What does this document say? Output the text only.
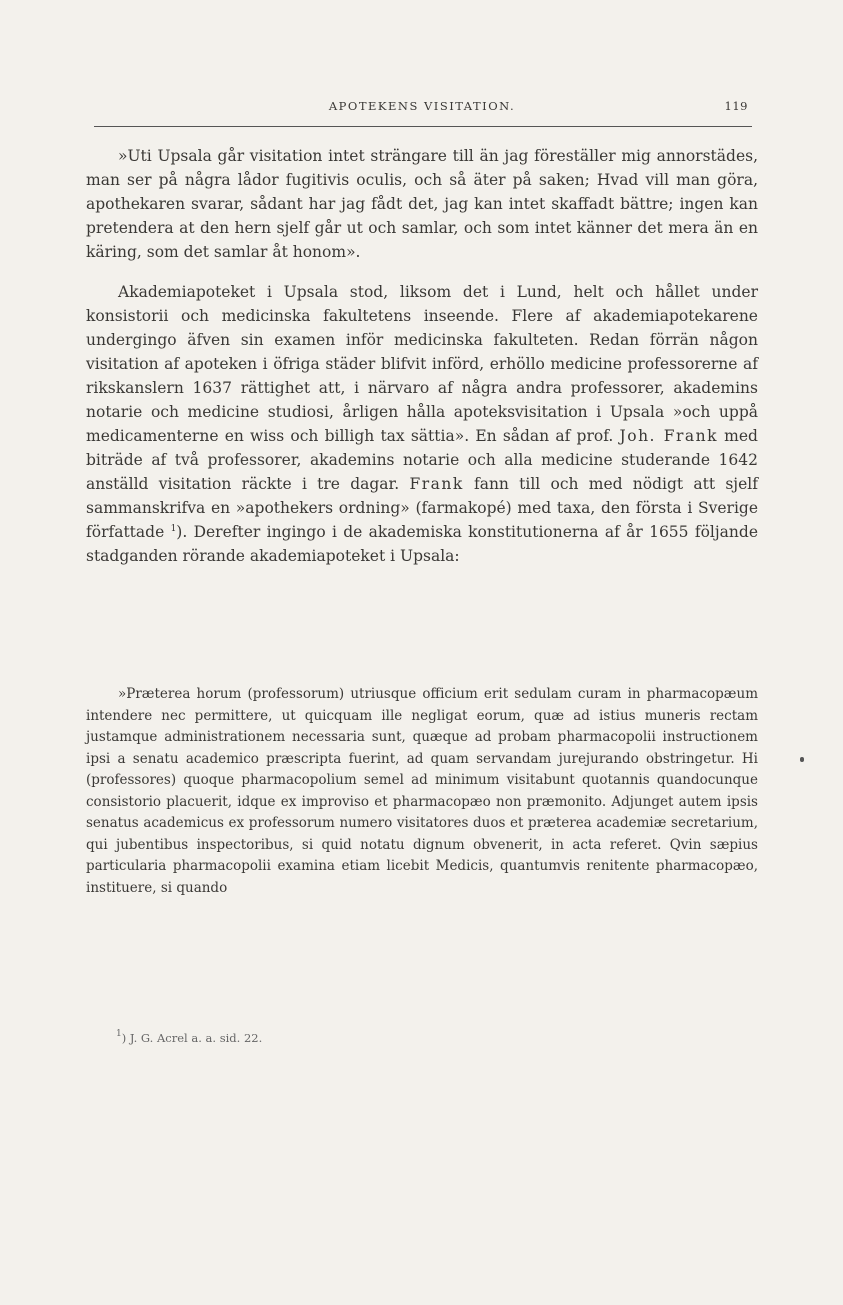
APOTEKENS VISITATION.	119

»Uti Upsala går visitation intet strängare till än jag föreställer mig annorstädes, man ser på några lådor fugitivis oculis, och så äter på saken; Hvad vill man göra, apothekaren svarar, sådant har jag fådt det, jag kan intet skaffadt bättre; ingen kan pretendera at den hern sjelf går ut och samlar, och som intet känner det mera än en käring, som det samlar åt honom».

Akademiapoteket i Upsala stod, liksom det i Lund, helt och hållet under konsistorii och medicinska fakultetens inseende. Flere af akademiapotekarene undergingo äfven sin examen inför medicinska fakulteten. Redan förrän någon visitation af apoteken i öfriga städer blifvit införd, erhöllo medicine professorerne af rikskanslern 1637 rättighet att, i närvaro af några andra professorer, akademins notarie och medicine studiosi, årligen hålla apoteksvisitation i Upsala »och uppå medicamenterne en wiss och billigh tax sättia». En sådan af prof. Joh. Frank med biträde af två professorer, akademins notarie och alla medicine studerande 1642 anställd visitation räckte i tre dagar. Frank fann till och med nödigt att sjelf sammanskrifva en »apothekers ordning» (farmakopé) med taxa, den första i Sverige författade $^1$). Derefter ingingo i de akademiska konstitutionerna af år 1655 följande stadganden rörande akademiapoteket i Upsala:

»Præterea horum (professorum) utriusque officium erit sedulam curam in pharmacopæum intendere nec permittere, ut quicquam ille negligat eorum, quæ ad istius muneris rectam justamque administrationem necessaria sunt, quæque ad probam pharmacopolii instructionem ipsi a senatu academico præscripta fuerint, ad quam servandam jurejurando obstringetur. Hi (professores) quoque pharmacopolium semel ad minimum visitabunt quotannis quandocunque consistorio placuerit, idque ex improviso et pharmacopæo non præmonito. Adjunget autem ipsis senatus academicus ex professorum numero visitatores duos et præterea academiæ secretarium, qui jubentibus inspectoribus, si quid notatu dignum obvenerit, in acta referet. Qvin sæpius particularia pharmacopolii examina etiam licebit Medicis, quantumvis renitente pharmacopæo, instituere, si quando

$^1$) J. G. Acrel a. a. sid. 22.
